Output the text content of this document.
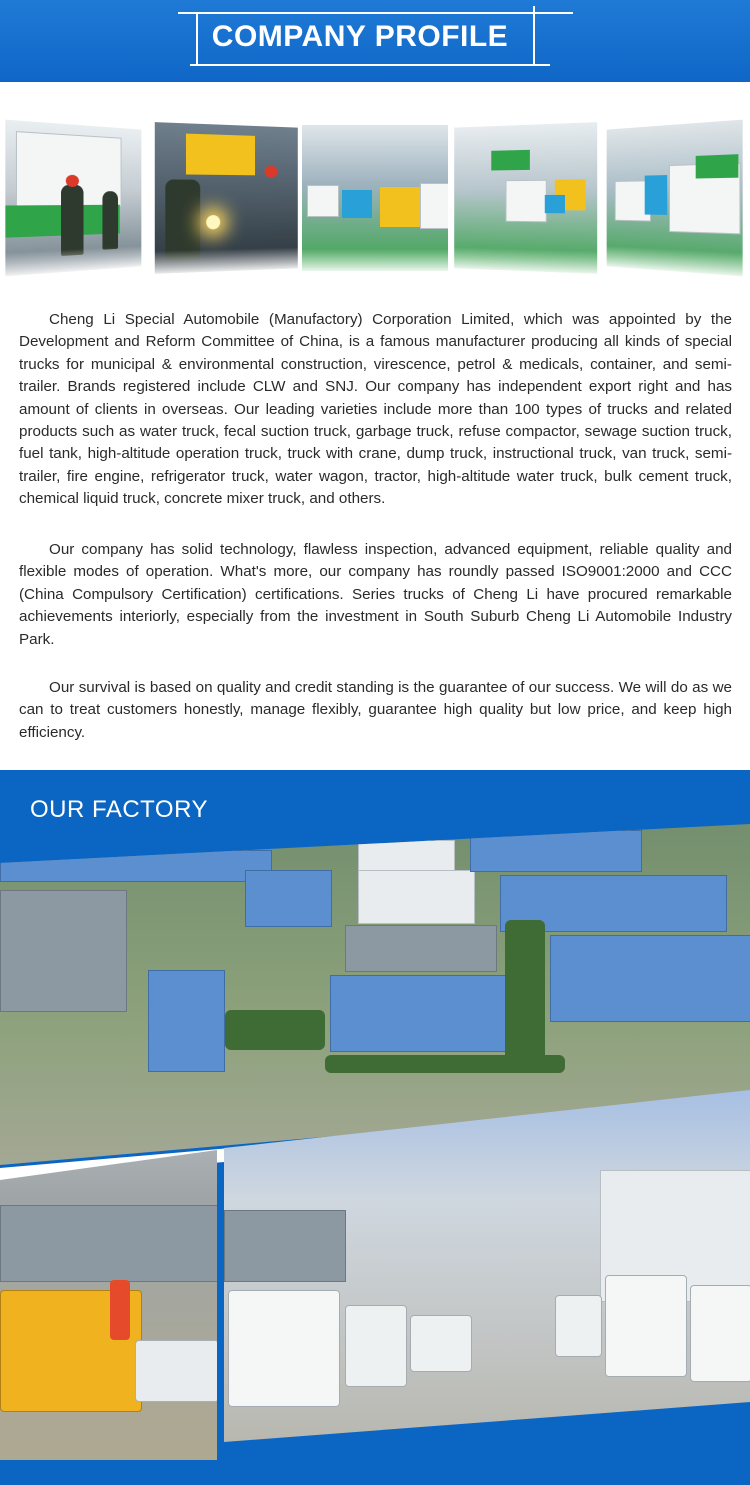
COMPANY PROFILE

Cheng Li Special Automobile (Manufactory) Corporation Limited, which was appointed by the Development and Reform Committee of China, is a famous manufacturer producing all kinds of special trucks for municipal & environmental construction, virescence, petrol & medicals, container, and semi-trailer. Brands registered include CLW and SNJ. Our company has independent export right and has amount of clients in overseas. Our leading varieties include more than 100 types of trucks and related products such as water truck, fecal suction truck, garbage truck, refuse compactor, sewage suction truck, fuel tank, high-altitude operation truck, truck with crane, dump truck, instructional truck, van truck, semi-trailer, fire engine, refrigerator truck, water wagon, tractor, high-altitude water truck, bulk cement truck, chemical liquid truck, concrete mixer truck, and others.

Our company has solid technology, flawless inspection, advanced equipment, reliable quality and flexible modes of operation. What's more, our company has roundly passed ISO9001:2000 and CCC (China Compulsory Certification) certifications. Series trucks of Cheng Li have procured remarkable achievements interiorly, especially from the investment in South Suburb Cheng Li Automobile Industry Park.

Our survival is based on quality and credit standing is the guarantee of our success. We will do as we can to treat customers honestly, manage flexibly, guarantee high quality but low price, and keep high efficiency.

OUR FACTORY
